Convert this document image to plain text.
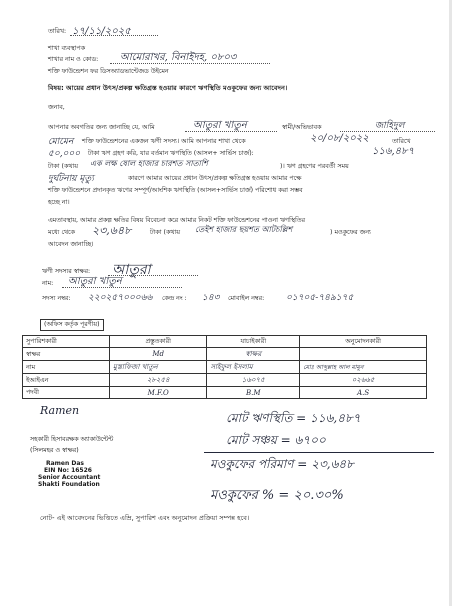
তারিখ: ১৭/১১/২০২৫
শাখা ব্যবস্থাপক
শাখার নাম ও কোড: আমোরাখর, বিনাইদহ, ০৮০৩
শক্তি ফাউন্ডেশন ফর ডিসঅ্যাডভান্টেজড উইমেন
বিষয়: আয়ের প্রধান উৎস/প্রকল্প ক্ষতিগ্রস্ত হওয়ার কারণে ঋণস্থিতি মওকুফের জন্য আবেদন।
জনাব,
আপনার অবগতির জন্য জানাচ্ছি যে, আমি	আতুরা খাতুন	স্বামী/অভিভাবক	জাহিদুল
মোমেন শক্তি ফাউন্ডেশনের একজন ঋণী সদস্য। আমি আপনার শাখা থেকে	২০/০৮/২০২২	তারিখে
৫০,০০০ টাকা ঋণ গ্রহণ করি, যার বর্তমান ঋণস্থিতি (আসল+ সার্ভিস চার্জ):	১১৬,৪৮৭
টাকা (কথায় এক লক্ষ ষোল হাজার চারশত সাতাশি	)। ঋণ গ্রহণের পরবর্তী সময়
দুর্ঘটনায় মৃত্যু	কারণে আমার আয়ের প্রধান উৎস/প্রকল্প ক্ষতিগ্রস্ত হওয়ায় আমার পক্ষে
শক্তি ফাউন্ডেশনে প্রদানকৃত ঋণের সম্পূর্ণ/আংশিক ঋণস্থিতি (আসল+সার্ভিস চার্জ) পরিশোধ করা সম্ভব
হচ্ছে না।
এমতাবস্থায়, আমার প্রকল্প ক্ষতির বিষয় বিবেচনা করে আমার নিকট শক্তি ফাউন্ডেশনের পাওনা ঋণস্থিতির
মধ্যে থেকে ২৩,৬৪৮	টাকা (কথায় তেইশ হাজার ছয়শত আটচল্লিশ	) মওকুফের জন্য
আবেদন জানাচ্ছি।
ঋণী সদস্যর স্বাক্ষর: আতুরা
নাম: আতুরা খাতুন
সদস্য নম্বর: ২২০২৫৭০০০৬৬ কেন্দ্র নং : ১৪৩ মোবাইল নম্বর: ০১৭০৫-৭৪৯১৭৫
(অফিস কর্তৃক পূরণীয়)
সুপারিশকারী	প্রস্তুতকারী	যাচাইকারী	অনুমোদনকারী
স্বাক্ষর	Md	স্বাক্ষর	
নাম	মুস্তাফিজা খাতুন	সাইফুল ইসলাম	মোঃ আব্দুল্লাহ আল মামুন
ইআইএন	২৮২৫৪	১৬০৭৫	০২৬৬৫
পদবী	M.F.O	B.M	A.S
মোট ঋণস্থিতি = ১১৬,৪৮৭
মোট সঞ্চয় = ৬৭০০
মওকুফের পরিমাণ = ২৩,৬৪৮
মওকুফের % = ২০.৩০%
Ramen
সহকারী হিসাবরক্ষক অ্যাকাউন্টেন্ট
(সিলমহর ও স্বাক্ষর)
Ramen Das
EIN No: 16526
Senior Accountant
Shakti Foundation
নোট- এই আবেদনের ভিত্তিতে এম্রি, সুপারিশ এবং অনুমোদন প্রক্রিয়া সম্পন্ন হবে।
